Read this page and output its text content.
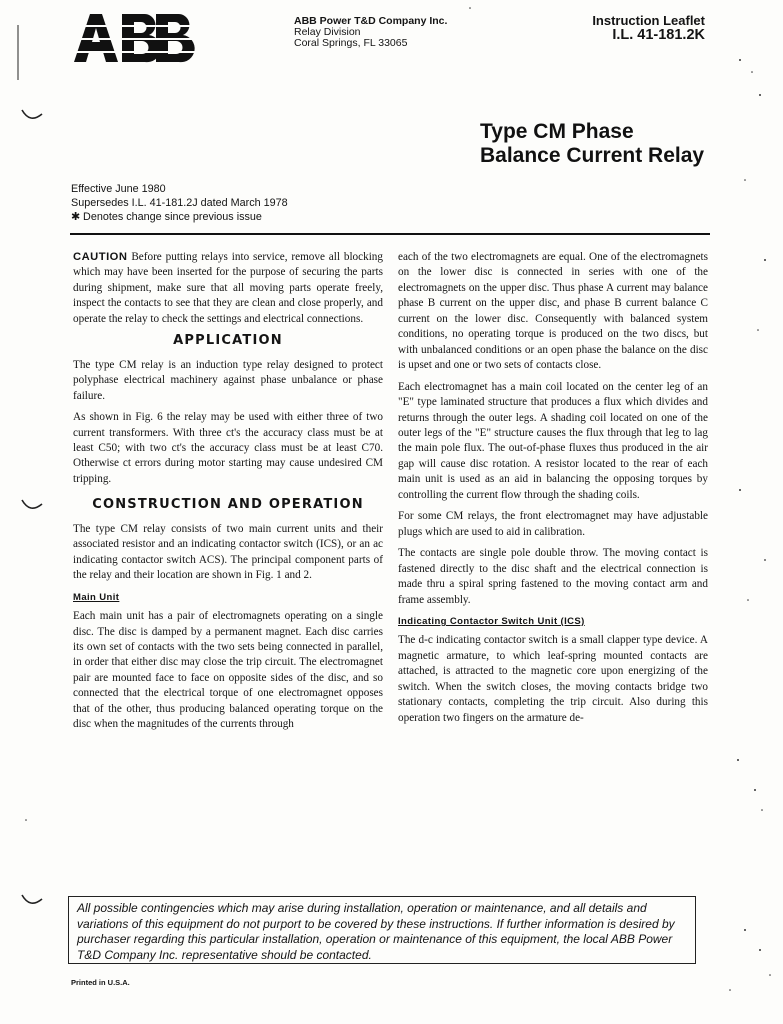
ABB Power T&D Company Inc.
Relay Division
Coral Springs, FL 33065
Instruction Leaflet
I.L. 41-181.2K
Type CM Phase
Balance Current Relay
Effective June 1980
Supersedes I.L. 41-181.2J dated March 1978
✱ Denotes change since previous issue

CAUTION Before putting relays into service, remove all blocking which may have been inserted for the purpose of securing the parts during shipment, make sure that all moving parts operate freely, inspect the contacts to see that they are clean and close properly, and operate the relay to check the settings and electrical connections.

APPLICATION

The type CM relay is an induction type relay designed to protect polyphase electrical machinery against phase unbalance or phase failure.

As shown in Fig. 6 the relay may be used with either three of two current transformers. With three ct's the accuracy class must be at least C50; with two ct's the accuracy class must be at least C70. Otherwise ct errors during motor starting may cause undesired CM tripping.

CONSTRUCTION AND OPERATION

The type CM relay consists of two main current units and their associated resistor and an indicating contactor switch (ICS), or an ac indicating contactor switch ACS). The principal component parts of the relay and their location are shown in Fig. 1 and 2.

Main Unit

Each main unit has a pair of electromagnets operating on a single disc. The disc is damped by a permanent magnet. Each disc carries its own set of contacts with the two sets being connected in parallel, in order that either disc may close the trip circuit. The electromagnet pair are mounted face to face on opposite sides of the disc, and so connected that the electrical torque of one electromagnet opposes that of the other, thus producing balanced operating torque on the disc when the magnitudes of the currents through

each of the two electromagnets are equal. One of the electromagnets on the lower disc is connected in series with one of the electromagnets on the upper disc. Thus phase A current may balance phase B current on the upper disc, and phase B current balance C current on the lower disc. Consequently with balanced system conditions, no operating torque is produced on the two discs, but with unbalanced conditions or an open phase the balance on the disc is upset and one or two sets of contacts close.

Each electromagnet has a main coil located on the center leg of an "E" type laminated structure that produces a flux which divides and returns through the outer legs. A shading coil located on one of the outer legs of the "E" structure causes the flux through that leg to lag the main pole flux. The out-of-phase fluxes thus produced in the air gap will cause disc rotation. A resistor located to the rear of each main unit is used as an aid in balancing the opposing torques by controlling the current flow through the shading coils.

For some CM relays, the front electromagnet may have adjustable plugs which are used to aid in calibration.

The contacts are single pole double throw. The moving contact is fastened directly to the disc shaft and the electrical connection is made thru a spiral spring fastened to the moving contact arm and frame assembly.

Indicating Contactor Switch Unit (ICS)

The d-c indicating contactor switch is a small clapper type device. A magnetic armature, to which leaf-spring mounted contacts are attached, is attracted to the magnetic core upon energizing of the switch. When the switch closes, the moving contacts bridge two stationary contacts, completing the trip circuit. Also during this operation two fingers on the armature de-

All possible contingencies which may arise during installation, operation or maintenance, and all details and variations of this equipment do not purport to be covered by these instructions. If further information is desired by purchaser regarding this particular installation, operation or maintenance of this equipment, the local ABB Power T&D Company Inc. representative should be contacted.
Printed in U.S.A.
